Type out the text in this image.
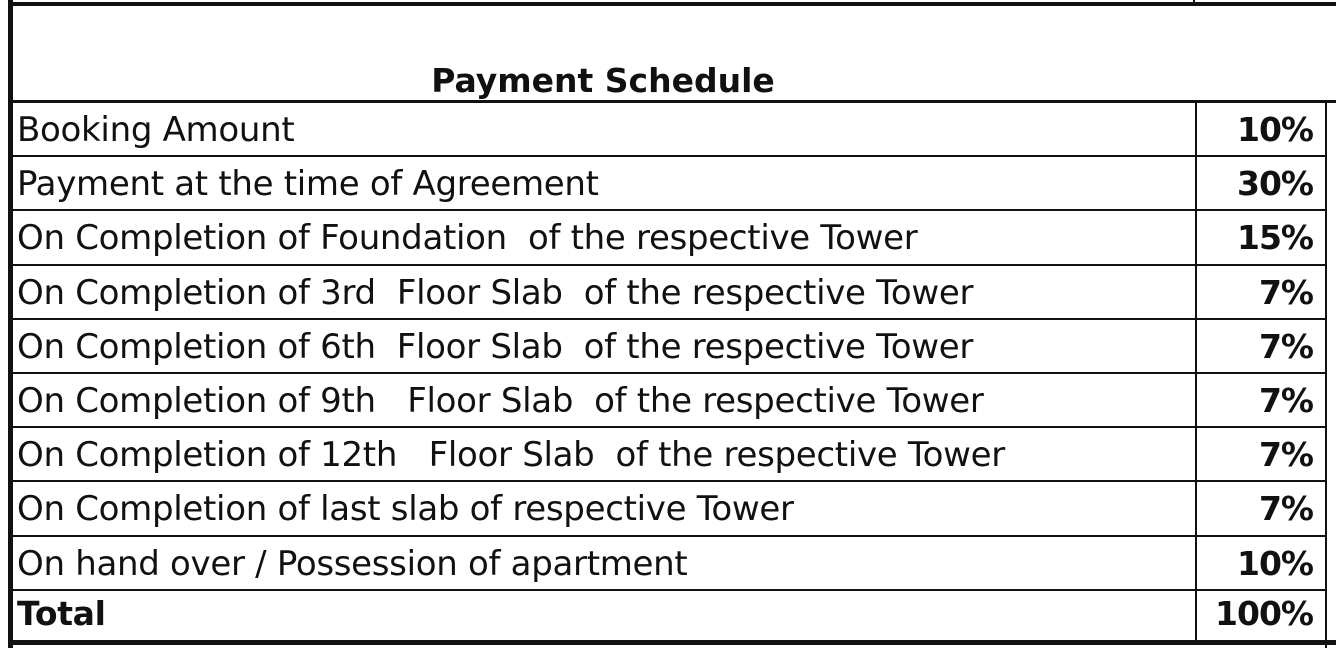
Payment Schedule
Booking Amount	10%
Payment at the time of Agreement	30%
On Completion of Foundation  of the respective Tower	15%
On Completion of 3rd  Floor Slab  of the respective Tower	7%
On Completion of 6th  Floor Slab  of the respective Tower	7%
On Completion of 9th   Floor Slab  of the respective Tower	7%
On Completion of 12th   Floor Slab  of the respective Tower	7%
On Completion of last slab of respective Tower	7%
On hand over / Possession of apartment	10%
Total	100%
